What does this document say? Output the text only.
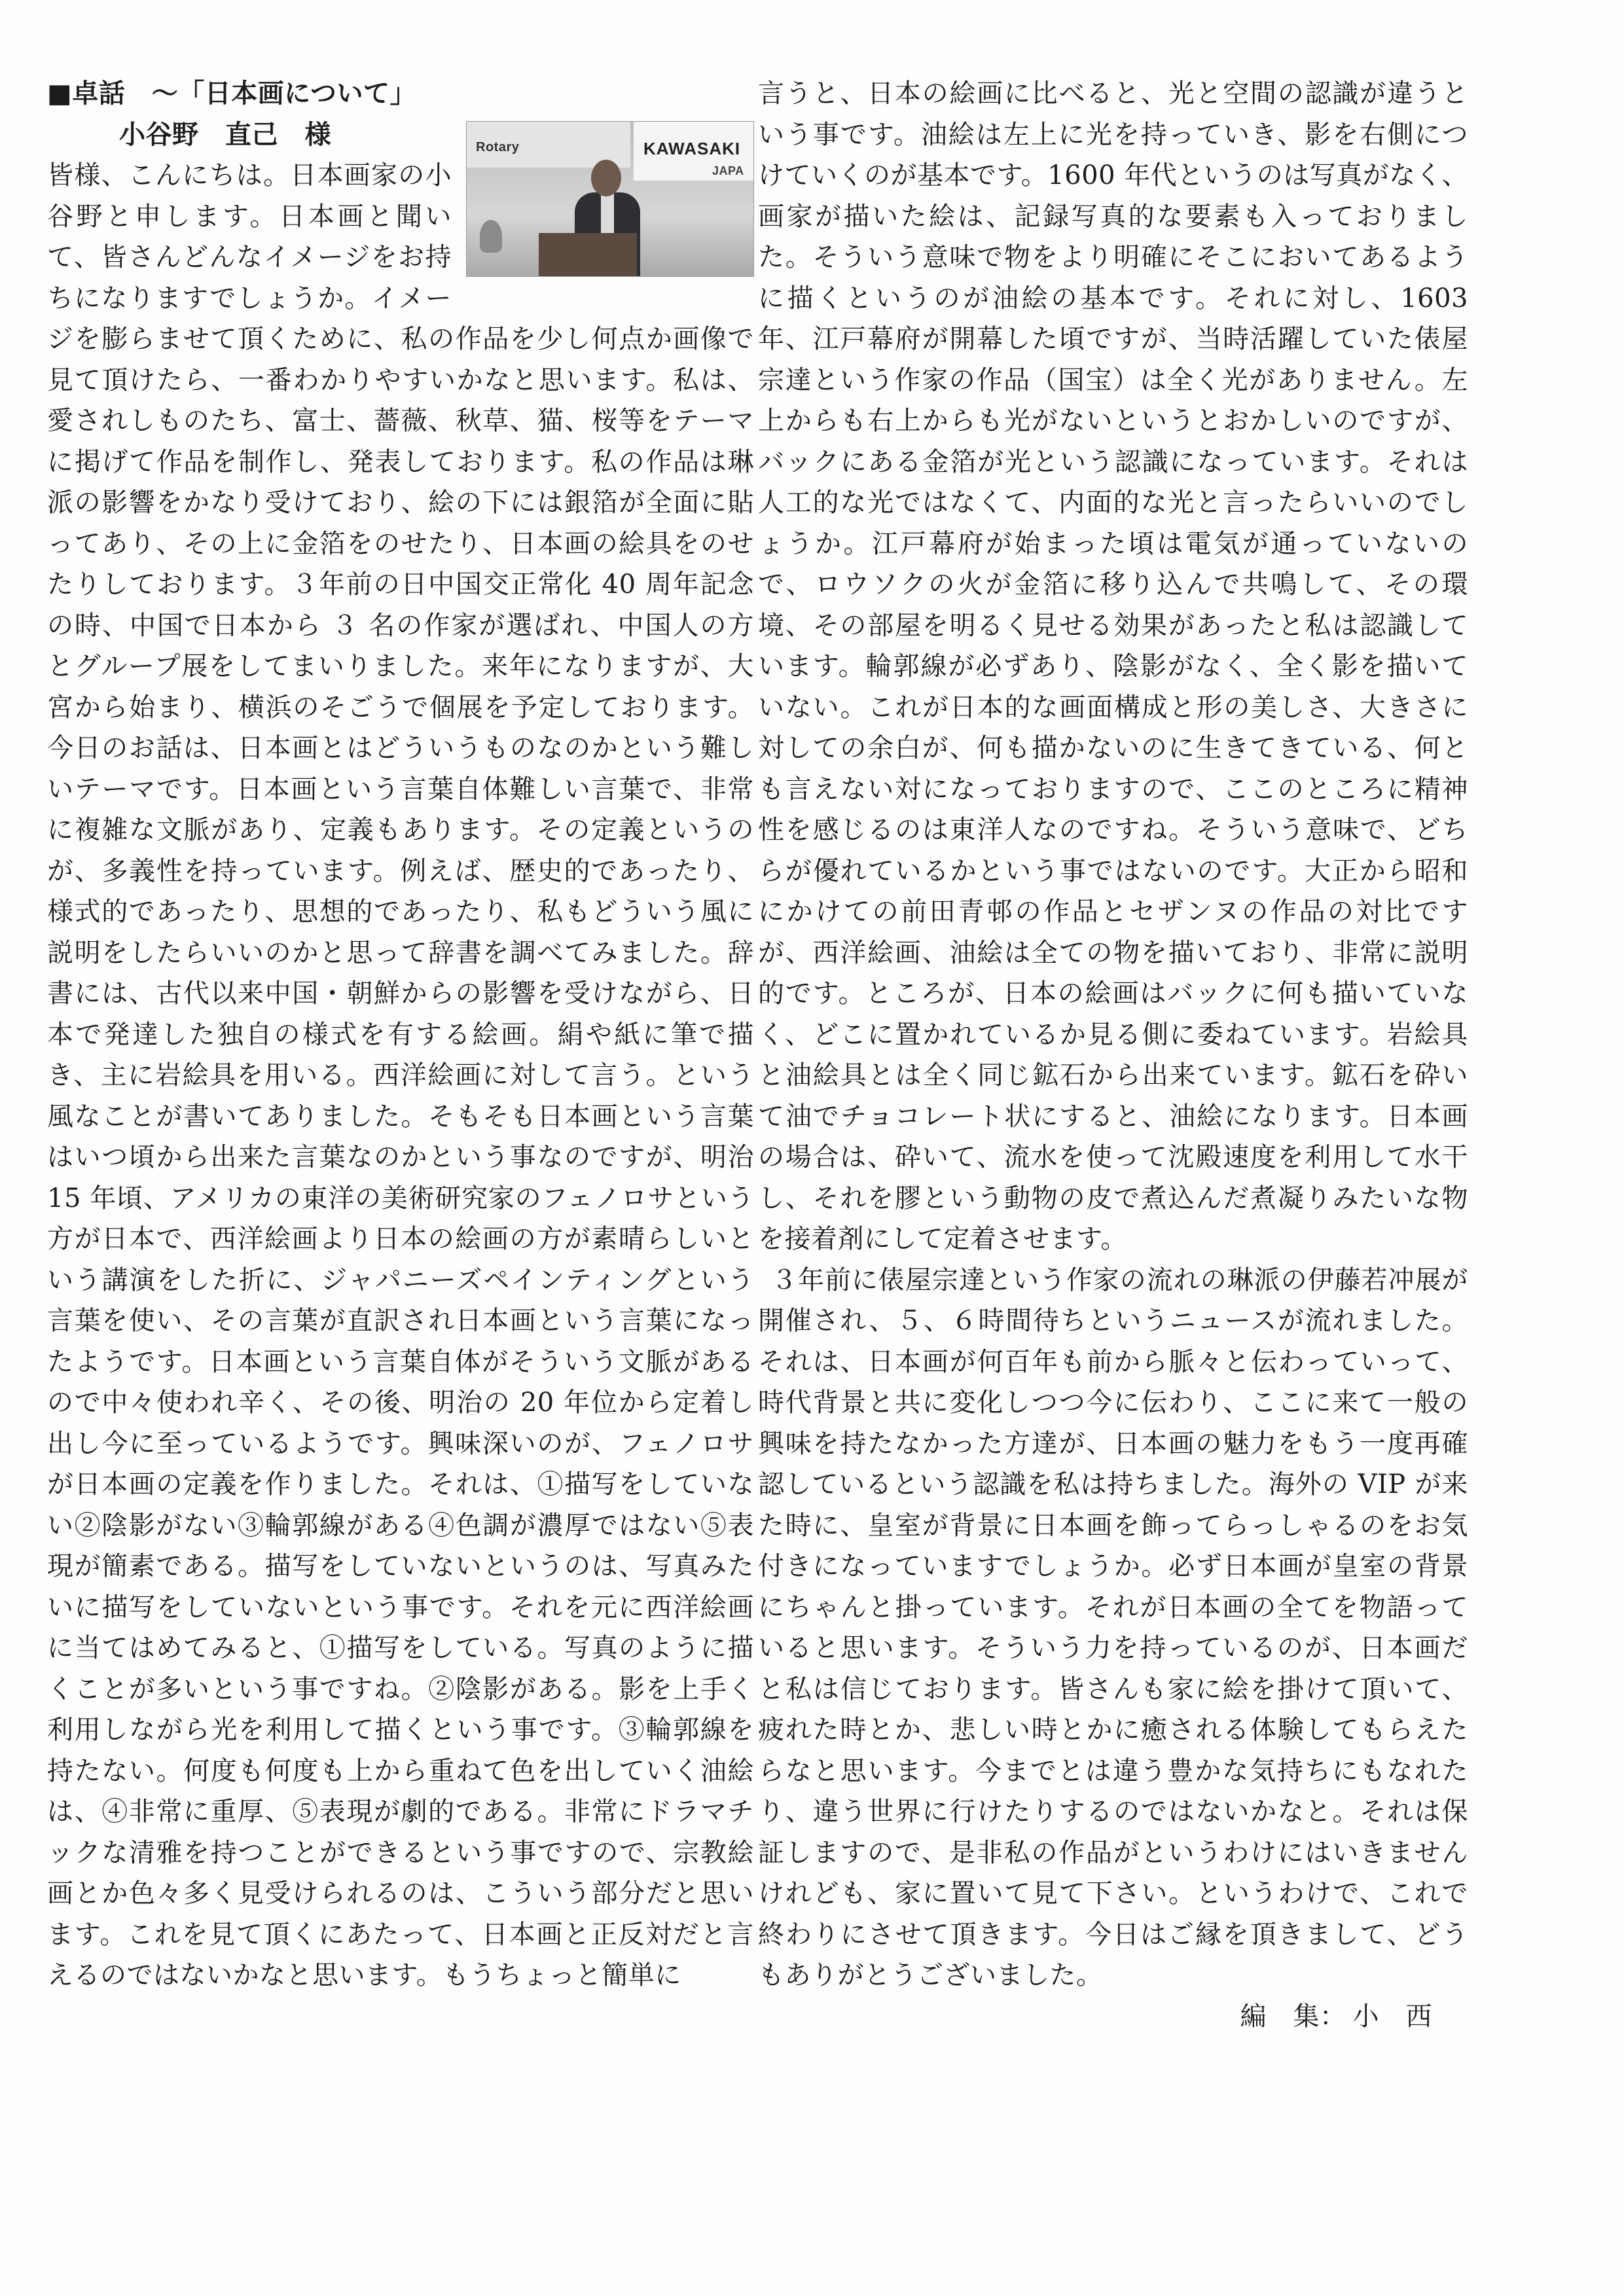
■卓話　～「日本画について」
小谷野　直己　様	Rotary	KAWASAKI
JAPA

皆様、こんにちは。日本画家の小谷野と申します。日本画と聞いて、皆さんどんなイメージをお持ちになりますでしょうか。イメージを膨らませて頂くために、私の作品を少し何点か画像で見て頂けたら、一番わかりやすいかなと思います。私は、愛されしものたち、富士、薔薇、秋草、猫、桜等をテーマに掲げて作品を制作し、発表しております。私の作品は琳派の影響をかなり受けており、絵の下には銀箔が全面に貼ってあり、その上に金箔をのせたり、日本画の絵具をのせたりしております。３年前の日中国交正常化 40 周年記念の時、中国で日本から ３ 名の作家が選ばれ、中国人の方とグループ展をしてまいりました。来年になりますが、大宮から始まり、横浜のそごうで個展を予定しております。今日のお話は、日本画とはどういうものなのかという難しいテーマです。日本画という言葉自体難しい言葉で、非常に複雑な文脈があり、定義もあります。その定義というのが、多義性を持っています。例えば、歴史的であったり、様式的であったり、思想的であったり、私もどういう風に説明をしたらいいのかと思って辞書を調べてみました。辞書には、古代以来中国・朝鮮からの影響を受けながら、日本で発達した独自の様式を有する絵画。絹や紙に筆で描き、主に岩絵具を用いる。西洋絵画に対して言う。という風なことが書いてありました。そもそも日本画という言葉はいつ頃から出来た言葉なのかという事なのですが、明治 15 年頃、アメリカの東洋の美術研究家のフェノロサという方が日本で、西洋絵画より日本の絵画の方が素晴らしいという講演をした折に、ジャパニーズペインティングという言葉を使い、その言葉が直訳され日本画という言葉になったようです。日本画という言葉自体がそういう文脈があるので中々使われ辛く、その後、明治の 20 年位から定着し出し今に至っているようです。興味深いのが、フェノロサが日本画の定義を作りました。それは、①描写をしていない②陰影がない③輪郭線がある④色調が濃厚ではない⑤表現が簡素である。描写をしていないというのは、写真みたいに描写をしていないという事です。それを元に西洋絵画に当てはめてみると、①描写をしている。写真のように描くことが多いという事ですね。②陰影がある。影を上手く利用しながら光を利用して描くという事です。③輪郭線を持たない。何度も何度も上から重ねて色を出していく油絵は、④非常に重厚、⑤表現が劇的である。非常にドラマチックな清雅を持つことができるという事ですので、宗教絵画とか色々多く見受けられるのは、こういう部分だと思います。これを見て頂くにあたって、日本画と正反対だと言えるのではないかなと思います。もうちょっと簡単に

言うと、日本の絵画に比べると、光と空間の認識が違うという事です。油絵は左上に光を持っていき、影を右側につけていくのが基本です。1600 年代というのは写真がなく、画家が描いた絵は、記録写真的な要素も入っておりました。そういう意味で物をより明確にそこにおいてあるように描くというのが油絵の基本です。それに対し、1603 年、江戸幕府が開幕した頃ですが、当時活躍していた俵屋宗達という作家の作品（国宝）は全く光がありません。左上からも右上からも光がないというとおかしいのですが、バックにある金箔が光という認識になっています。それは人工的な光ではなくて、内面的な光と言ったらいいのでしょうか。江戸幕府が始まった頃は電気が通っていないので、ロウソクの火が金箔に移り込んで共鳴して、その環境、その部屋を明るく見せる効果があったと私は認識しています。輪郭線が必ずあり、陰影がなく、全く影を描いていない。これが日本的な画面構成と形の美しさ、大きさに対しての余白が、何も描かないのに生きてきている、何とも言えない対になっておりますので、ここのところに精神性を感じるのは東洋人なのですね。そういう意味で、どちらが優れているかという事ではないのです。大正から昭和にかけての前田青邨の作品とセザンヌの作品の対比ですが、西洋絵画、油絵は全ての物を描いており、非常に説明的です。ところが、日本の絵画はバックに何も描いていなく、どこに置かれているか見る側に委ねています。岩絵具と油絵具とは全く同じ鉱石から出来ています。鉱石を砕いて油でチョコレート状にすると、油絵になります。日本画の場合は、砕いて、流水を使って沈殿速度を利用して水干し、それを膠という動物の皮で煮込んだ煮凝りみたいな物を接着剤にして定着させます。

３年前に俵屋宗達という作家の流れの琳派の伊藤若冲展が開催され、５、６時間待ちというニュースが流れました。それは、日本画が何百年も前から脈々と伝わっていって、時代背景と共に変化しつつ今に伝わり、ここに来て一般の興味を持たなかった方達が、日本画の魅力をもう一度再確認しているという認識を私は持ちました。海外の VIP が来た時に、皇室が背景に日本画を飾ってらっしゃるのをお気付きになっていますでしょうか。必ず日本画が皇室の背景にちゃんと掛っています。それが日本画の全てを物語っていると思います。そういう力を持っているのが、日本画だと私は信じております。皆さんも家に絵を掛けて頂いて、疲れた時とか、悲しい時とかに癒される体験してもらえたらなと思います。今までとは違う豊かな気持ちにもなれたり、違う世界に行けたりするのではないかなと。それは保証しますので、是非私の作品がというわけにはいきませんけれども、家に置いて見て下さい。というわけで、これで終わりにさせて頂きます。今日はご縁を頂きまして、どうもありがとうございました。

編　集： 小　西
